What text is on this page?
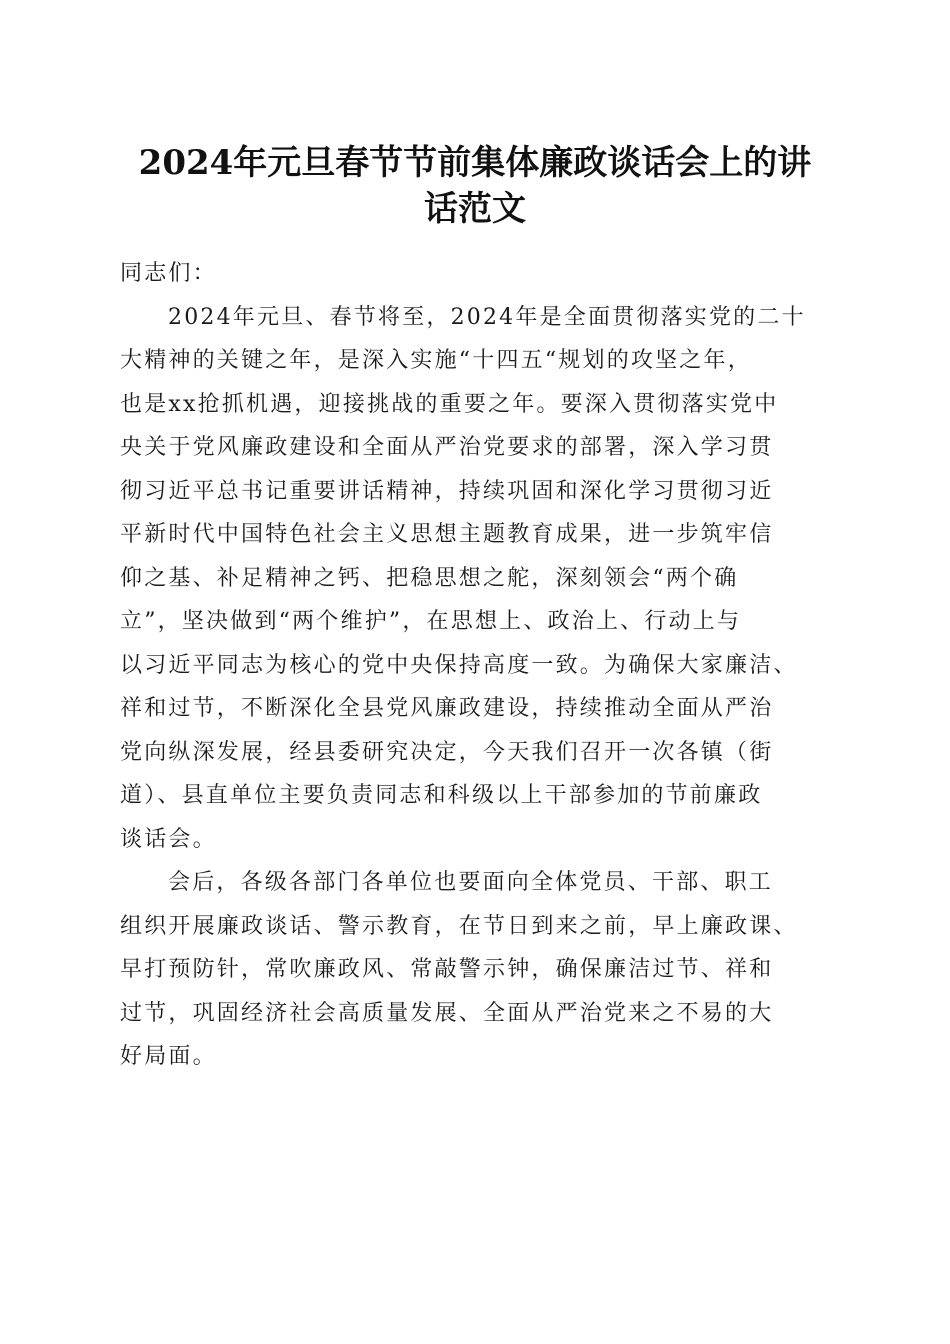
2024年元旦春节节前集体廉政谈话会上的讲
话范文

同志们：

2024年元旦、春节将至，2024年是全面贯彻落实党的二十
大精神的关键之年，是深入实施“十四五“规划的攻坚之年，
也是xx抢抓机遇，迎接挑战的重要之年。要深入贯彻落实党中
央关于党风廉政建设和全面从严治党要求的部署，深入学习贯
彻习近平总书记重要讲话精神，持续巩固和深化学习贯彻习近
平新时代中国特色社会主义思想主题教育成果，进一步筑牢信
仰之基、补足精神之钙、把稳思想之舵，深刻领会“两个确
立”，坚决做到“两个维护”，在思想上、政治上、行动上与
以习近平同志为核心的党中央保持高度一致。为确保大家廉洁、
祥和过节，不断深化全县党风廉政建设，持续推动全面从严治
党向纵深发展，经县委研究决定，今天我们召开一次各镇（街
道）、县直单位主要负责同志和科级以上干部参加的节前廉政
谈话会。

会后，各级各部门各单位也要面向全体党员、干部、职工
组织开展廉政谈话、警示教育，在节日到来之前，早上廉政课、
早打预防针，常吹廉政风、常敲警示钟，确保廉洁过节、祥和
过节，巩固经济社会高质量发展、全面从严治党来之不易的大
好局面。
